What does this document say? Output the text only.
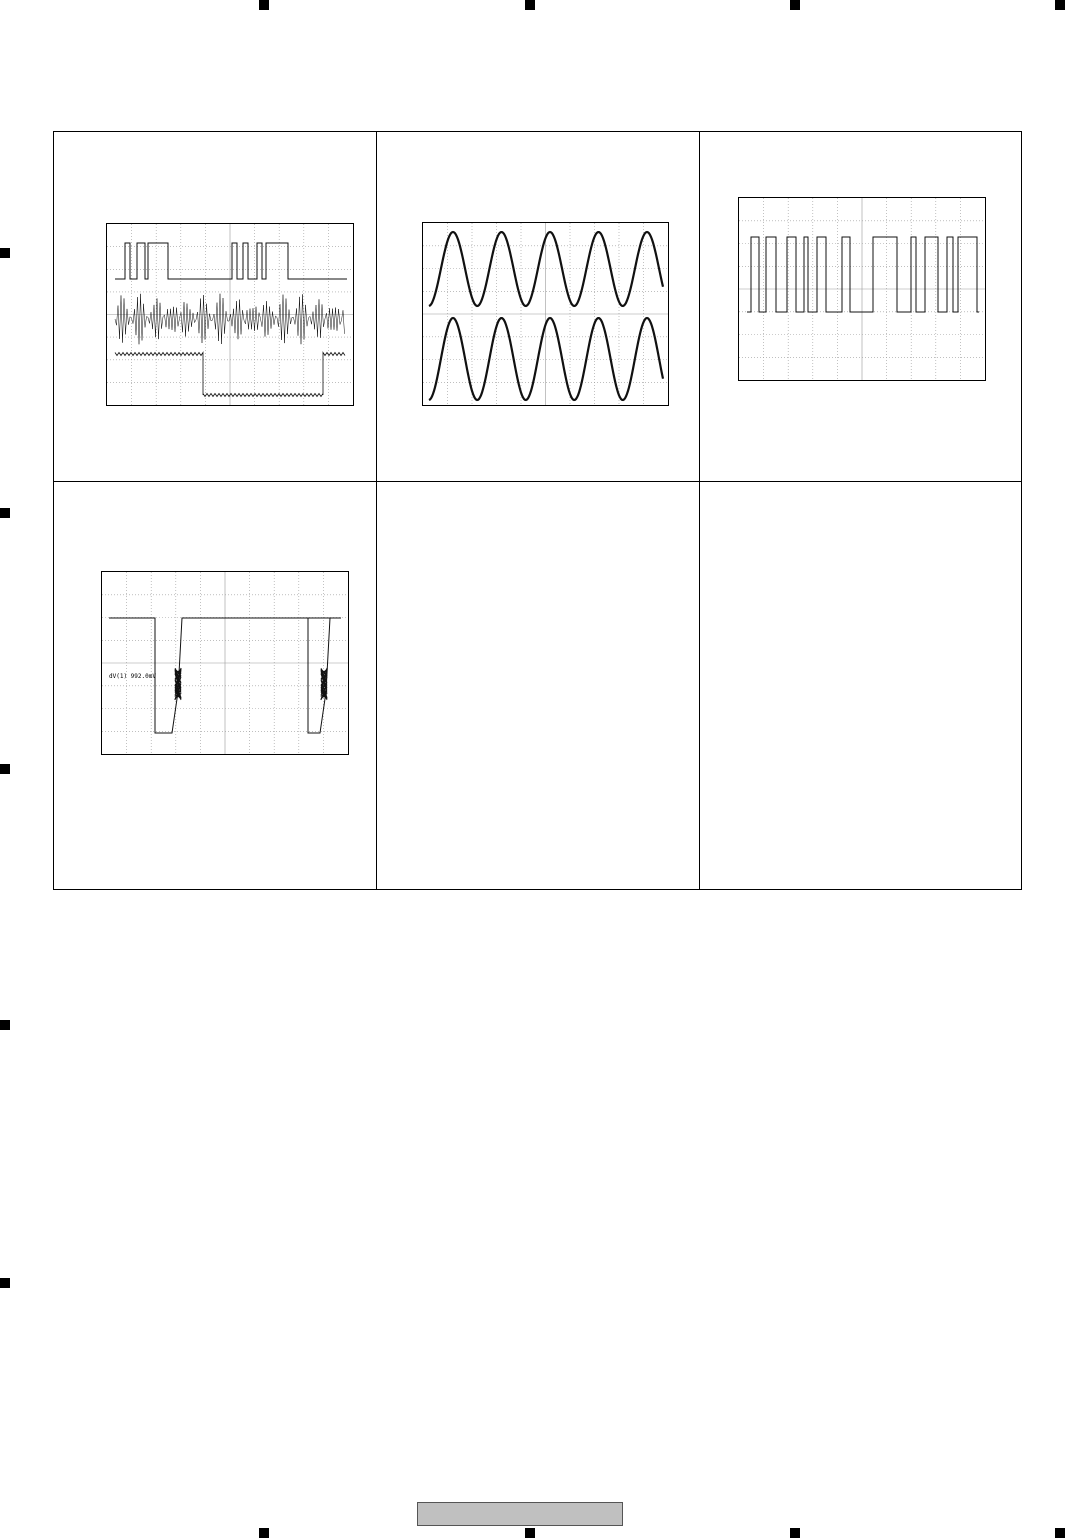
dV(1) 992.0mV
